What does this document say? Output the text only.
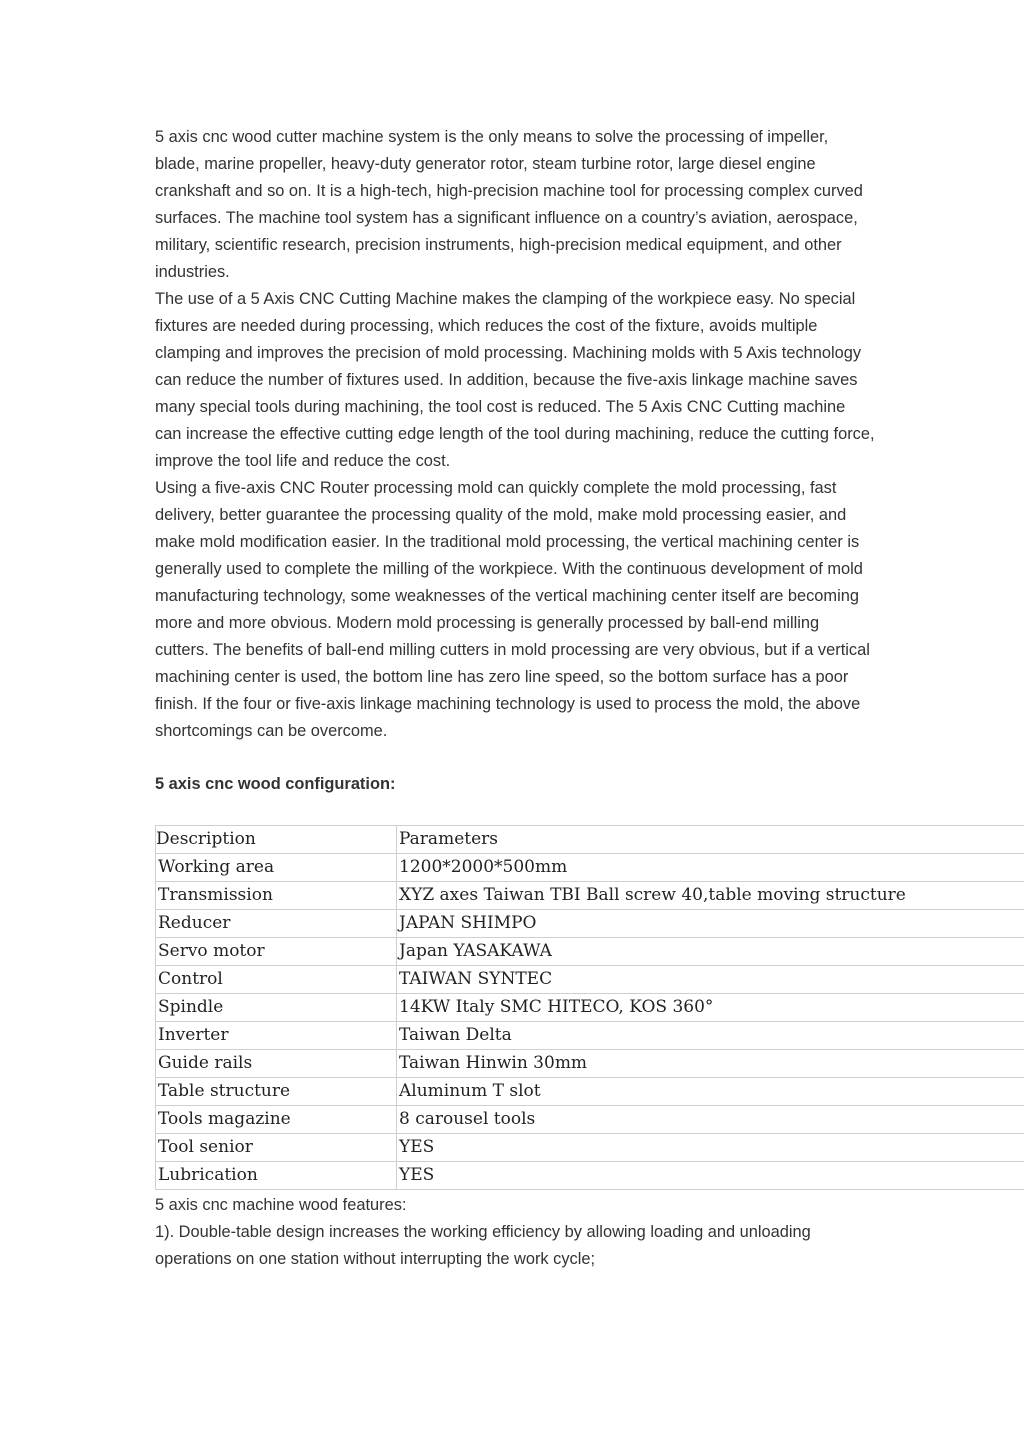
5 axis cnc wood cutter machine system is the only means to solve the processing of impeller, blade, marine propeller, heavy-duty generator rotor, steam turbine rotor, large diesel engine crankshaft and so on. It is a high-tech, high-precision machine tool for processing complex curved surfaces. The machine tool system has a significant influence on a country’s aviation, aerospace, military, scientific research, precision instruments, high-precision medical equipment, and other industries.

The use of a 5 Axis CNC Cutting Machine makes the clamping of the workpiece easy. No special fixtures are needed during processing, which reduces the cost of the fixture, avoids multiple clamping and improves the precision of mold processing. Machining molds with 5 Axis technology can reduce the number of fixtures used. In addition, because the five-axis linkage machine saves many special tools during machining, the tool cost is reduced. The 5 Axis CNC Cutting machine can increase the effective cutting edge length of the tool during machining, reduce the cutting force, improve the tool life and reduce the cost.

Using a five-axis CNC Router processing mold can quickly complete the mold processing, fast delivery, better guarantee the processing quality of the mold, make mold processing easier, and make mold modification easier. In the traditional mold processing, the vertical machining center is generally used to complete the milling of the workpiece. With the continuous development of mold manufacturing technology, some weaknesses of the vertical machining center itself are becoming more and more obvious. Modern mold processing is generally processed by ball-end milling cutters. The benefits of ball-end milling cutters in mold processing are very obvious, but if a vertical machining center is used, the bottom line has zero line speed, so the bottom surface has a poor finish. If the four or five-axis linkage machining technology is used to process the mold, the above shortcomings can be overcome.

5 axis cnc wood configuration:

Description	Parameters
Working area	1200*2000*500mm
Transmission	XYZ axes Taiwan TBI Ball screw 40,table moving structure
Reducer	JAPAN SHIMPO
Servo motor	Japan YASAKAWA
Control	TAIWAN SYNTEC
Spindle	14KW Italy SMC HITECO, KOS 360°
Inverter	Taiwan Delta
Guide rails	Taiwan Hinwin 30mm
Table structure	Aluminum T slot
Tools magazine	8 carousel tools
Tool senior	YES
Lubrication	YES

5 axis cnc machine wood features:

1). Double-table design increases the working efficiency by allowing loading and unloading operations on one station without interrupting the work cycle;
